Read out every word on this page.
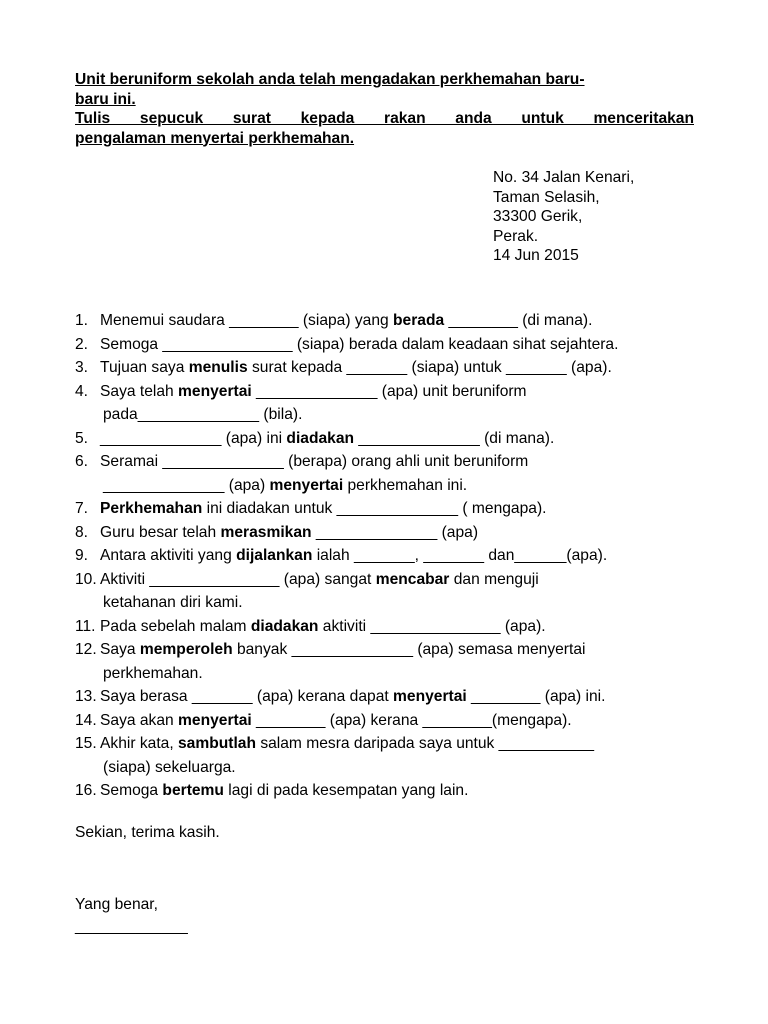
Unit beruniform sekolah anda telah mengadakan perkhemahan baru-
baru ini.
Tulis sepucuk surat kepada rakan anda untuk menceritakan
pengalaman menyertai perkhemahan.
No. 34 Jalan Kenari,
Taman Selasih,
33300 Gerik,
Perak.
14 Jun 2015
1. Menemui saudara ________ (siapa) yang berada ________ (di mana).
2. Semoga _______________ (siapa) berada dalam keadaan sihat sejahtera.
3. Tujuan saya menulis surat kepada _______ (siapa) untuk _______ (apa).
4. Saya telah menyertai ______________ (apa) unit beruniform
pada______________ (bila).
5. ______________ (apa) ini diadakan ______________ (di mana).
6. Seramai ______________ (berapa) orang ahli unit beruniform
______________ (apa) menyertai perkhemahan ini.
7. Perkhemahan ini diadakan untuk ______________ ( mengapa).
8. Guru besar telah merasmikan ______________ (apa)
9. Antara aktiviti yang dijalankan ialah _______, _______ dan______(apa).
10. Aktiviti _______________ (apa) sangat mencabar dan menguji
ketahanan diri kami.
11. Pada sebelah malam diadakan aktiviti _______________ (apa).
12. Saya memperoleh banyak ______________ (apa) semasa menyertai
perkhemahan.
13. Saya berasa _______ (apa) kerana dapat menyertai ________ (apa) ini.
14. Saya akan menyertai ________ (apa) kerana ________(mengapa).
15. Akhir kata, sambutlah salam mesra daripada saya untuk ___________
(siapa) sekeluarga.
16. Semoga bertemu lagi di pada kesempatan yang lain.
Sekian, terima kasih.
Yang benar,
_____________
